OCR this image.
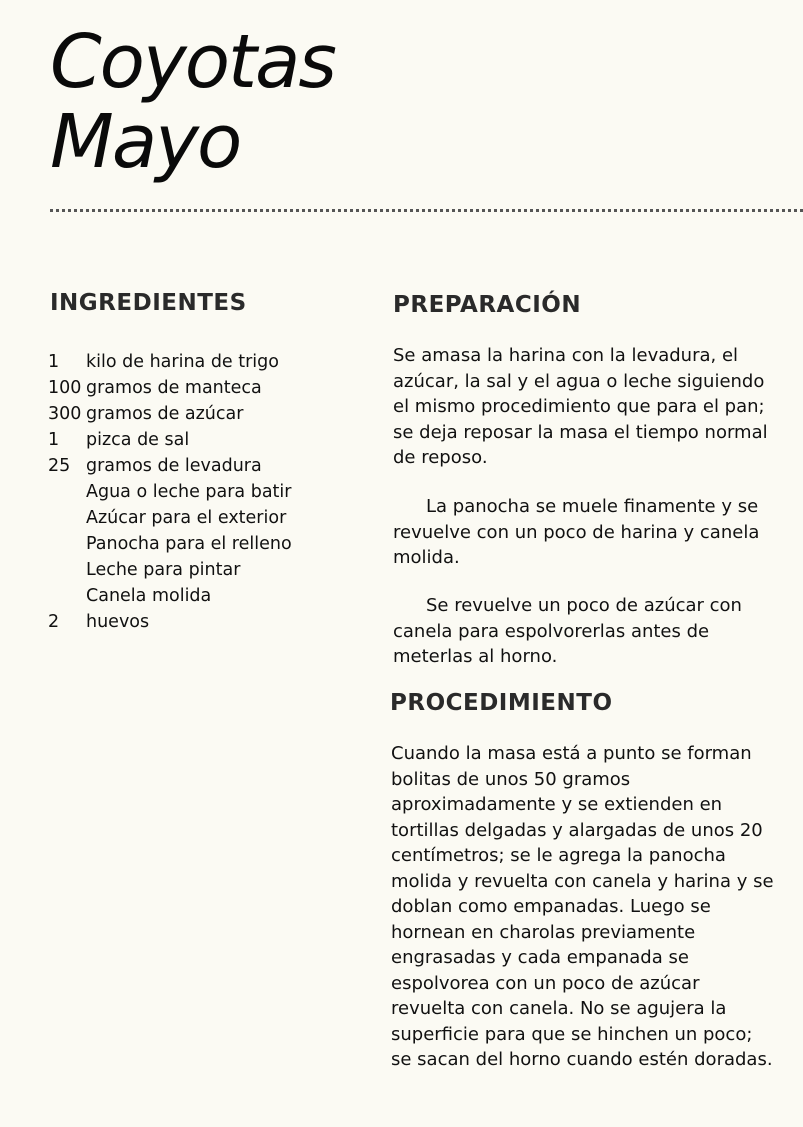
Coyotas
Mayo
INGREDIENTES
1	kilo de harina de trigo
100 gramos de manteca
300 gramos de azúcar
1	pizca de sal
25 gramos de levadura
Agua o leche para batir
Azúcar para el exterior
Panocha para el relleno
Leche para pintar
Canela molida
2	huevos
PREPARACIÓN

Se amasa la harina con la levadura, el azúcar, la sal y el agua o leche siguiendo el mismo procedimiento que para el pan; se deja reposar la masa el tiempo normal de reposo.

La panocha se muele finamente y se revuelve con un poco de harina y canela molida.

Se revuelve un poco de azúcar con canela para espolvorerlas antes de meterlas al horno.

PROCEDIMIENTO

Cuando la masa está a punto se forman bolitas de unos 50 gramos aproximadamente y se extienden en tortillas delgadas y alargadas de unos 20 centímetros; se le agrega la panocha molida y revuelta con canela y harina y se doblan como empanadas. Luego se hornean en charolas previamente engrasadas y cada empanada se espolvorea con un poco de azúcar revuelta con canela. No se agujera la superficie para que se hinchen un poco; se sacan del horno cuando estén doradas.
